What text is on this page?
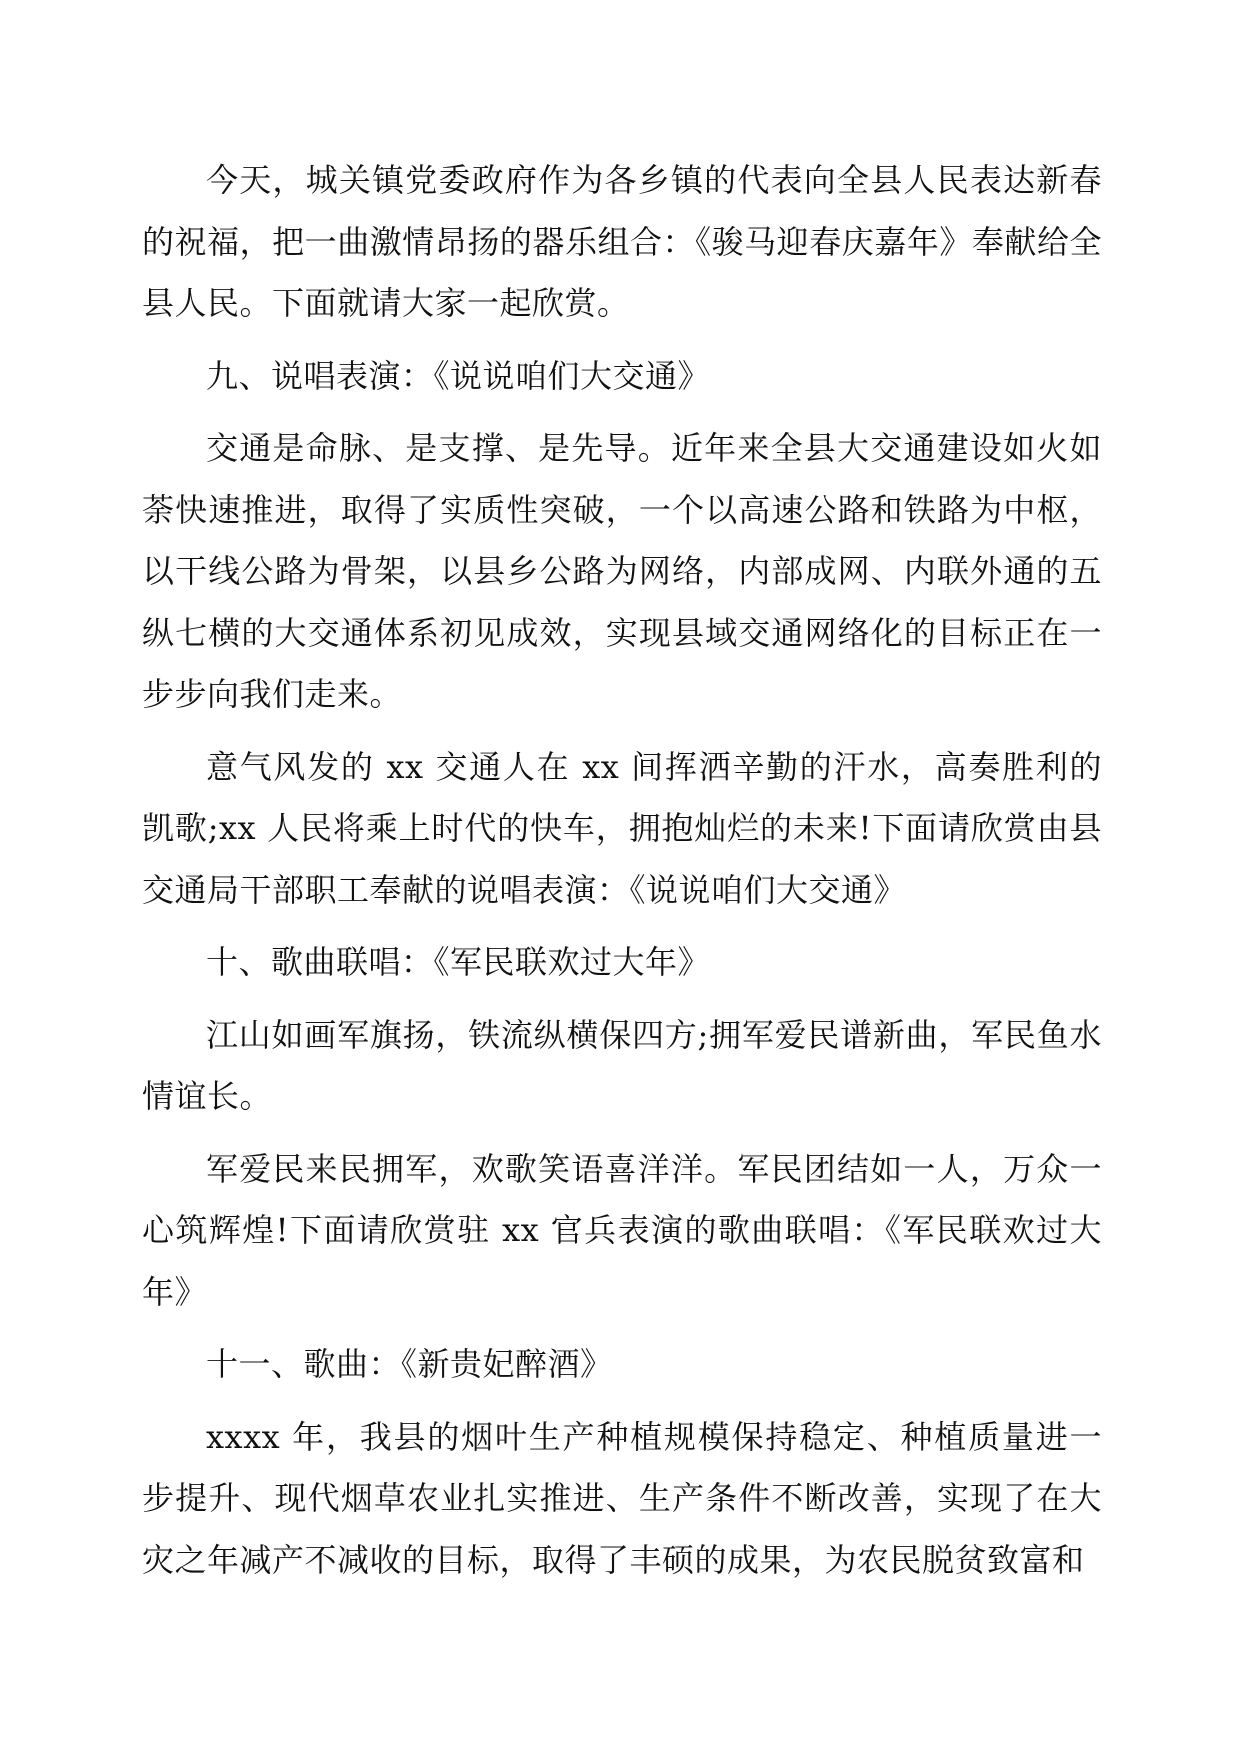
今天，城关镇党委政府作为各乡镇的代表向全县人民表达新春的祝福，把一曲激情昂扬的器乐组合：《骏马迎春庆嘉年》奉献给全县人民。下面就请大家一起欣赏。

九、说唱表演：《说说咱们大交通》

交通是命脉、是支撑、是先导。近年来全县大交通建设如火如荼快速推进，取得了实质性突破，一个以高速公路和铁路为中枢，以干线公路为骨架，以县乡公路为网络，内部成网、内联外通的五纵七横的大交通体系初见成效，实现县域交通网络化的目标正在一步步向我们走来。

意气风发的 xx 交通人在 xx 间挥洒辛勤的汗水，高奏胜利的凯歌;xx 人民将乘上时代的快车，拥抱灿烂的未来!下面请欣赏由县交通局干部职工奉献的说唱表演：《说说咱们大交通》

十、歌曲联唱：《军民联欢过大年》

江山如画军旗扬，铁流纵横保四方;拥军爱民谱新曲，军民鱼水情谊长。

军爱民来民拥军，欢歌笑语喜洋洋。军民团结如一人，万众一心筑辉煌!下面请欣赏驻 xx 官兵表演的歌曲联唱：《军民联欢过大年》

十一、歌曲：《新贵妃醉酒》

xxxx 年，我县的烟叶生产种植规模保持稳定、种植质量进一步提升、现代烟草农业扎实推进、生产条件不断改善，实现了在大灾之年减产不减收的目标，取得了丰硕的成果，为农民脱贫致富和
